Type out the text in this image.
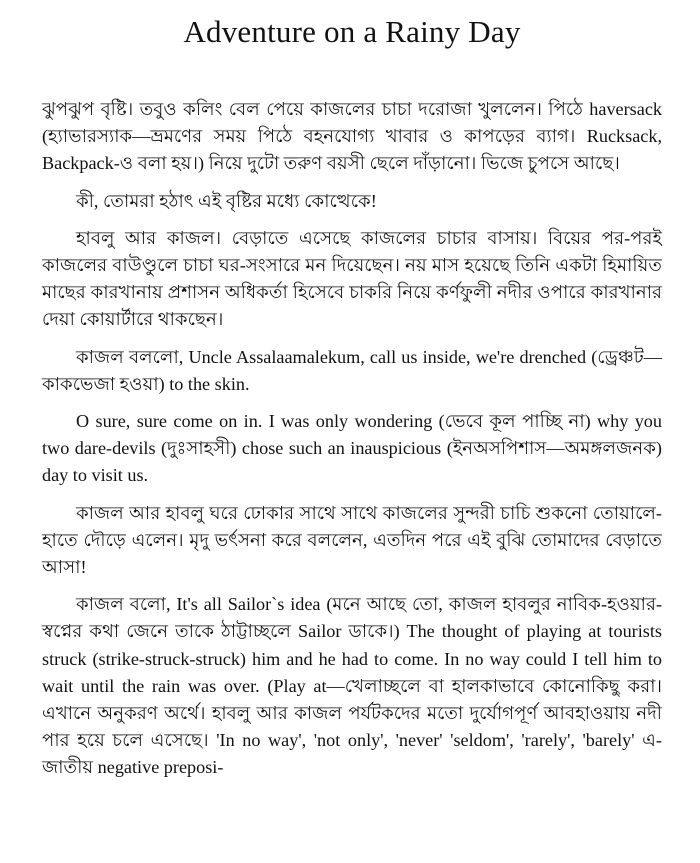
Adventure on a Rainy Day

ঝুপঝুপ বৃষ্টি। তবুও কলিং বেল পেয়ে কাজলের চাচা দরোজা খুললেন। পিঠে haversack (হ্যাভারস্যাক—ভ্রমণের সময় পিঠে বহনযোগ্য খাবার ও কাপড়ের ব্যাগ। Rucksack, Backpack-ও বলা হয়।) নিয়ে দুটো তরুণ বয়সী ছেলে দাঁড়ানো। ভিজে চুপসে আছে।

কী, তোমরা হঠাৎ এই বৃষ্টির মধ্যে কোত্থেকে!

হাবলু আর কাজল। বেড়াতে এসেছে কাজলের চাচার বাসায়। বিয়ের পর-পরই কাজলের বাউণ্ডুলে চাচা ঘর-সংসারে মন দিয়েছেন। নয় মাস হয়েছে তিনি একটা হিমায়িত মাছের কারখানায় প্রশাসন অধিকর্তা হিসেবে চাকরি নিয়ে কর্ণফুলী নদীর ওপারে কারখানার দেয়া কোয়ার্টারে থাকছেন।

কাজল বললো, Uncle Assalaamalekum, call us inside, we're drenched (ড্রেঞ্চট—কাকভেজা হওয়া) to the skin.

O sure, sure come on in. I was only wondering (ভেবে কূল পাচ্ছি না) why you two dare-devils (দুঃসাহসী) chose such an inauspicious (ইনঅসপিশাস—অমঙ্গলজনক) day to visit us.

কাজল আর হাবলু ঘরে ঢোকার সাথে সাথে কাজলের সুন্দরী চাচি শুকনো তোয়ালে-হাতে দৌড়ে এলেন। মৃদু ভর্ৎসনা করে বললেন, এতদিন পরে এই বুঝি তোমাদের বেড়াতে আসা!

কাজল বলো, It's all Sailor`s idea (মনে আছে তো, কাজল হাবলুর নাবিক-হওয়ার-স্বপ্নের কথা জেনে তাকে ঠাট্টাচ্ছলে Sailor ডাকে।) The thought of playing at tourists struck (strike-struck-struck) him and he had to come. In no way could I tell him to wait until the rain was over. (Play at—খেলাচ্ছলে বা হালকাভাবে কোনোকিছু করা। এখানে অনুকরণ অর্থে। হাবলু আর কাজল পর্যটকদের মতো দুর্যোগপূর্ণ আবহাওয়ায় নদী পার হয়ে চলে এসেছে। 'In no way', 'not only', 'never' 'seldom', 'rarely', 'barely' এ-জাতীয় negative preposi-
